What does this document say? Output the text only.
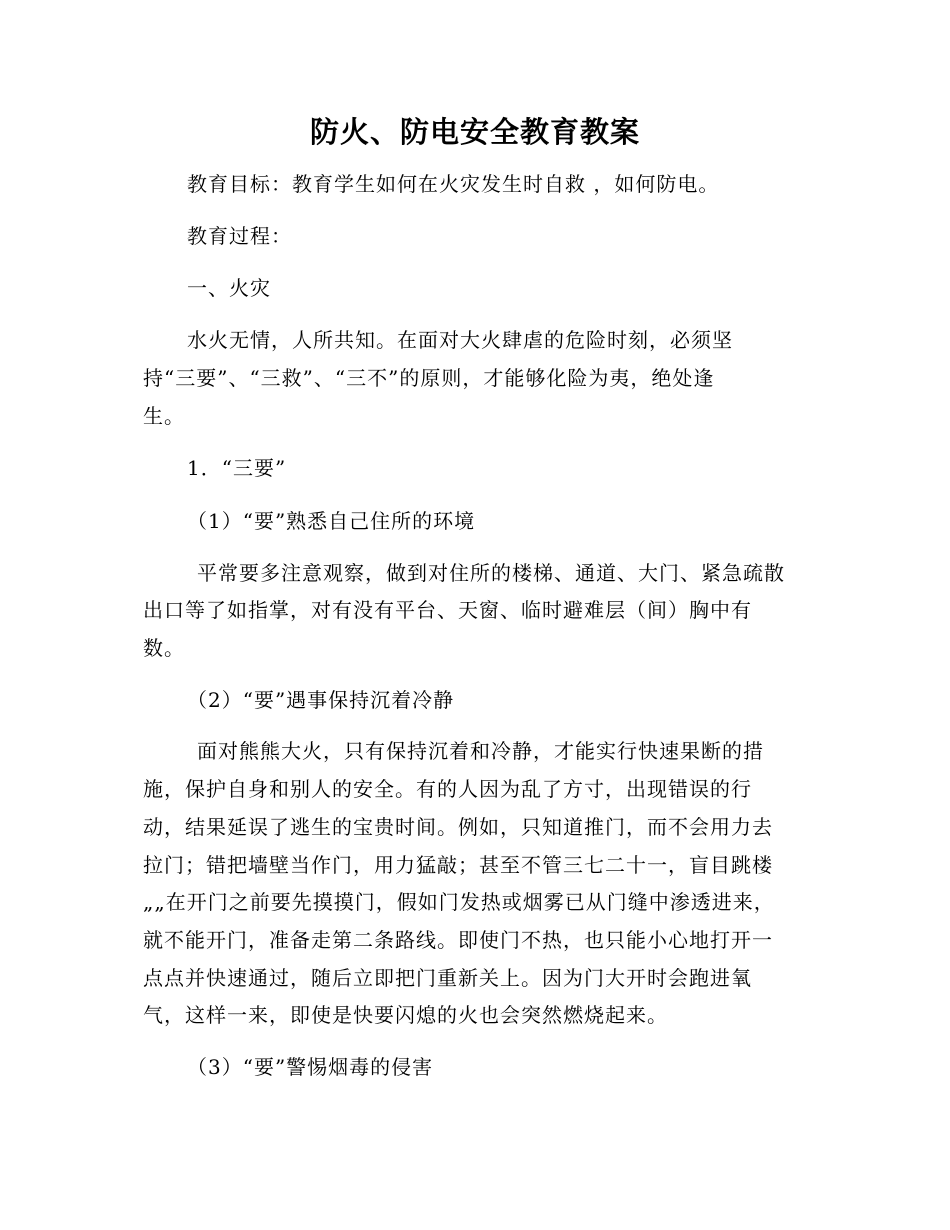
防火、防电安全教育教案
教育目标：教育学生如何在火灾发生时自救 ，如何防电。
教育过程：
一、火灾
水火无情，人所共知。在面对大火肆虐的危险时刻，必须坚
持“三要”、“三救”、“三不”的原则，才能够化险为夷，绝处逢
生。
1．“三要”
（1）“要”熟悉自己住所的环境
平常要多注意观察，做到对住所的楼梯、通道、大门、紧急疏散
出口等了如指掌，对有没有平台、天窗、临时避难层（间）胸中有
数。
（2）“要”遇事保持沉着冷静
面对熊熊大火，只有保持沉着和冷静，才能实行快速果断的措
施，保护自身和别人的安全。有的人因为乱了方寸，出现错误的行
动，结果延误了逃生的宝贵时间。例如，只知道推门，而不会用力去
拉门；错把墙壁当作门，用力猛敲；甚至不管三七二十一，盲目跳楼
„„在开门之前要先摸摸门，假如门发热或烟雾已从门缝中渗透进来，
就不能开门，准备走第二条路线。即使门不热，也只能小心地打开一
点点并快速通过，随后立即把门重新关上。因为门大开时会跑进氧
气，这样一来，即使是快要闪熄的火也会突然燃烧起来。
（3）“要”警惕烟毒的侵害
